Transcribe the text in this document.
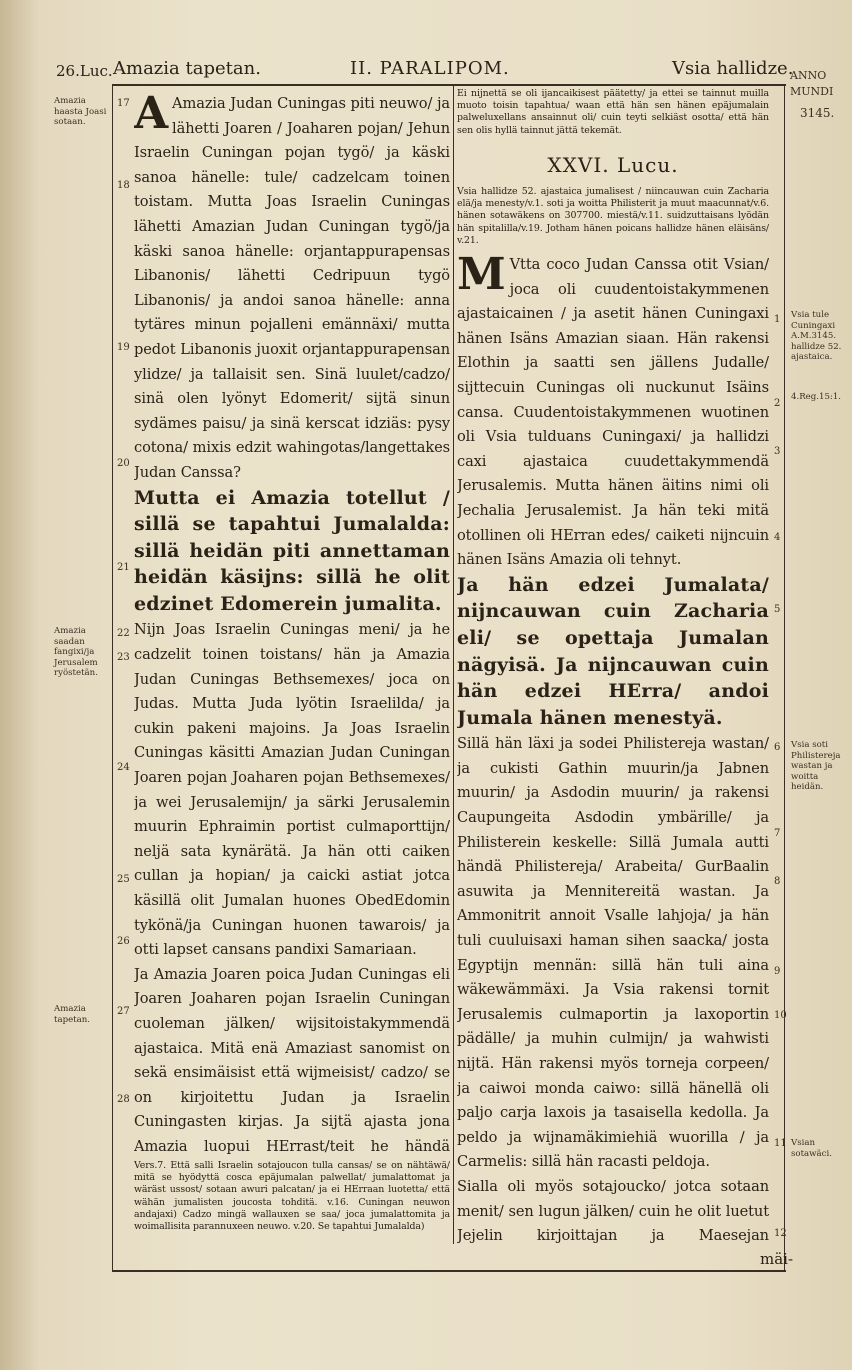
26.Luc. Amazia tapetan.	II. PARALIPOM.	Vsia hallidze.
ANNO MUNDI
3145.
Amazia haasta Joasi sotaan.
Amazia saadan fangixi/ja Jerusalem ryöstetän.
Amazia tapetan.
Vsia tule Cuningaxi A.M.3145. hallidze 52. ajastaica.
4.Reg.15:1.
Vsia soti Philistereja wastan ja woitta heidän.
Vsian sotawäci.
17
18
19
20
21
22
23
24
25
26
27
28

A Amazia Judan Cuningas piti neuwo/ ja lähetti Joaren / Joaharen pojan/ Jehun Israelin Cuningan pojan tygö/ ja käski sanoa hänelle: tule/ cadzelcam toinen toistam. Mutta Joas Israelin Cuningas lähetti Amazian Judan Cuningan tygö/ja käski sanoa hänelle: orjantappurapensas Libanonis/ lähetti Cedripuun tygö Libanonis/ ja andoi sanoa hänelle: anna tytäres minun pojalleni emännäxi/ mutta pedot Libanonis juoxit orjantappurapensan ylidze/ ja tallaisit sen. Sinä luulet/cadzo/ sinä olen lyönyt Edomerit/ sijtä sinun sydämes paisu/ ja sinä kerscat idziäs: pysy cotona/ mixis edzit wahingotas/langettakes Judan Canssa?

Mutta ei Amazia totellut / sillä se tapahtui Jumalalda: sillä heidän piti annettaman heidän käsijns: sillä he olit edzinet Edomerein jumalita.

Nijn Joas Israelin Cuningas meni/ ja he cadzelit toinen toistans/ hän ja Amazia Judan Cuningas Bethsemexes/ joca on Judas. Mutta Juda lyötin Israelilda/ ja cukin pakeni majoins. Ja Joas Israelin Cuningas käsitti Amazian Judan Cuningan Joaren pojan Joaharen pojan Bethsemexes/ ja wei Jerusalemijn/ ja särki Jerusalemin muurin Ephraimin portist culmaporttijn/ neljä sata kynärätä. Ja hän otti caiken cullan ja hopian/ ja caicki astiat jotca käsillä olit Jumalan huones ObedEdomin tykönä/ja Cuningan huonen tawarois/ ja otti lapset cansans pandixi Samariaan.

Ja Amazia Joaren poica Judan Cuningas eli Joaren Joaharen pojan Israelin Cuningan cuoleman jälken/ wijsitoistakymmendä ajastaica. Mitä enä Amaziast sanomist on sekä ensimäisist että wijmeisist/ cadzo/ se on kirjoitettu Judan ja Israelin Cuningasten kirjas. Ja sijtä ajasta jona Amazia luopui HErrast/teit he händä

Vers.7. Että salli Israelin sotajoucon tulla cansas/ se on nähtäwä/ mitä se hyödyttä cosca epäjumalan palwellat/ jumalattomat ja wäräst ussost/ sotaan awuri palcatan/ ja ei HErraan luotetta/ että wähän jumalisten joucosta tohditä. v.16. Cuningan neuwon andajaxi) Cadzo mingä wallauxen se saa/ joca jumalattomita ja woimallisita parannuxeen neuwo. v.20. Se tapahtui Jumalalda)
1
2
3
4
5
6
7
8
9
10
11
12
Ei nijnettä se oli ijancaikisest päätetty/ ja ettei se tainnut muilla muoto toisin tapahtua/ waan että hän sen hänen epäjumalain palweluxellans ansainnut oli/ cuin teyti selkiäst osotta/ että hän sen olis hyllä tainnut jättä tekemät.
XXVI. Lucu.

Vsia hallidze 52. ajastaica jumalisest / niincauwan cuin Zacharia elä/ja menesty/v.1. soti ja woitta Philisterit ja muut maacunnat/v.6. hänen sotawäkens on 307700. miestä/v.11. suidzuttaisans lyödän hän spitalilla/v.19. Jotham hänen poicans hallidze hänen eläisäns/ v.21.

M Vtta coco Judan Canssa otit Vsian/ joca oli cuudentoistakymmenen ajastaicainen / ja asetit hänen Cuningaxi hänen Isäns Amazian siaan. Hän rakensi Elothin ja saatti sen jällens Judalle/ sijttecuin Cuningas oli nuckunut Isäins cansa. Cuudentoistakymmenen wuotinen oli Vsia tulduans Cuningaxi/ ja hallidzi caxi ajastaica cuudettakymmendä Jerusalemis. Mutta hänen äitins nimi oli Jechalia Jerusalemist. Ja hän teki mitä otollinen oli HErran edes/ caiketi nijncuin hänen Isäns Amazia oli tehnyt.

Ja hän edzei Jumalata/ nijncauwan cuin Zacharia eli/ se opettaja Jumalan nägyisä. Ja nijncauwan cuin hän edzei HErra/ andoi Jumala hänen menestyä.

Sillä hän läxi ja sodei Philistereja wastan/ ja cukisti Gathin muurin/ja Jabnen muurin/ ja Asdodin muurin/ ja rakensi Caupungeita Asdodin ymbärille/ ja Philisterein keskelle: Sillä Jumala autti händä Philistereja/ Arabeita/ GurBaalin asuwita ja Mennitereitä wastan. Ja Ammonitrit annoit Vsalle lahjoja/ ja hän tuli cuuluisaxi haman sihen saacka/ josta Egyptijn mennän: sillä hän tuli aina wäkewämmäxi. Ja Vsia rakensi tornit Jerusalemis culmaportin ja laxoportin pädälle/ ja muhin culmijn/ ja wahwisti nijtä. Hän rakensi myös torneja corpeen/ ja caiwoi monda caiwo: sillä hänellä oli paljo carja laxois ja tasaisella kedolla. Ja peldo ja wijnamäkimiehiä wuorilla / ja Carmelis: sillä hän racasti peldoja.

Sialla oli myös sotajoucko/ jotca sotaan menit/ sen lugun jälken/ cuin he olit luetut Jejelin kirjoittajan ja Maesejan

mäi-
